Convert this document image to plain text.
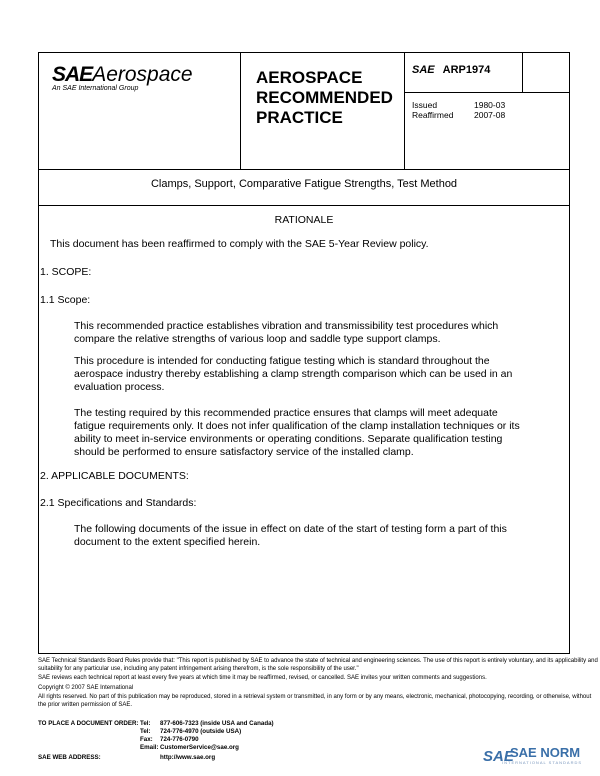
SAEAerospace
An SAE International Group
AEROSPACE
RECOMMENDED
PRACTICE
SAE ARP1974
Issued	1980-03
Reaffirmed 2007-08
Clamps, Support, Comparative Fatigue Strengths, Test Method
RATIONALE
This document has been reaffirmed to comply with the SAE 5-Year Review policy.
1. SCOPE:
1.1 Scope:
This recommended practice establishes vibration and transmissibility test procedures which compare the relative strengths of various loop and saddle type support clamps.
This procedure is intended for conducting fatigue testing which is standard throughout the aerospace industry thereby establishing a clamp strength comparison which can be used in an evaluation process.
The testing required by this recommended practice ensures that clamps will meet adequate fatigue requirements only. It does not infer qualification of the clamp installation techniques or its ability to meet in-service environments or operating conditions. Separate qualification testing should be performed to ensure satisfactory service of the installed clamp.
2. APPLICABLE DOCUMENTS:
2.1 Specifications and Standards:
The following documents of the issue in effect on date of the start of testing form a part of this document to the extent specified herein.
SAE Technical Standards Board Rules provide that: "This report is published by SAE to advance the state of technical and engineering sciences. The use of this report is entirely voluntary, and its applicability and suitability for any particular use, including any patent infringement arising therefrom, is the sole responsibility of the user."
SAE reviews each technical report at least every five years at which time it may be reaffirmed, revised, or cancelled. SAE invites your written comments and suggestions.
Copyright © 2007 SAE International
All rights reserved. No part of this publication may be reproduced, stored in a retrieval system or transmitted, in any form or by any means, electronic, mechanical, photocopying, recording, or otherwise, without the prior written permission of SAE.
TO PLACE A DOCUMENT ORDER: Tel: 877-606-7323 (inside USA and Canada)
Tel: 724-776-4970 (outside USA)
Fax: 724-776-0790
Email: CustomerService@sae.org
SAE WEB ADDRESS:	http://www.sae.org	SAE
SAE NORM
INTERNATIONAL STANDARDS
